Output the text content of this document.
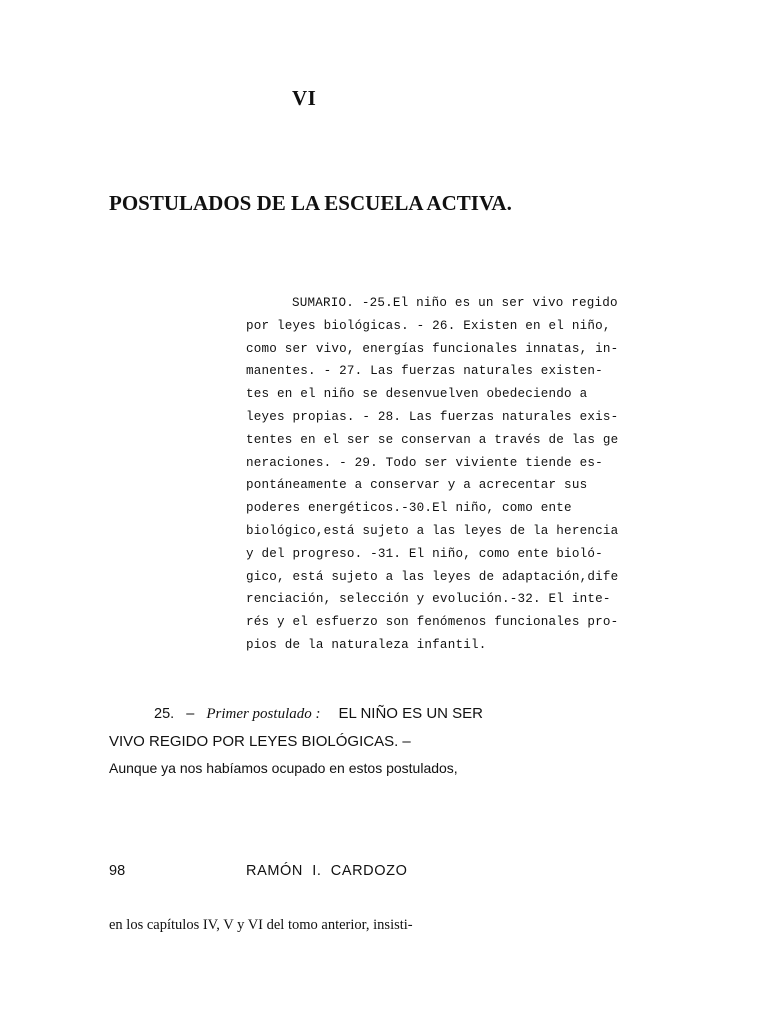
VI
POSTULADOS DE LA ESCUELA ACTIVA.
SUMARIO. -25.El niño es un ser vivo regido
por leyes biológicas. - 26. Existen en el niño,
como ser vivo, energías funcionales innatas, in-
manentes. - 27. Las fuerzas naturales existen-
tes en el niño se desenvuelven obedeciendo a
leyes propias. - 28. Las fuerzas naturales exis-
tentes en el ser se conservan a través de las ge
neraciones. - 29. Todo ser viviente tiende es-
pontáneamente a conservar y a acrecentar sus
poderes energéticos.-30.El niño, como ente
biológico,está sujeto a las leyes de la herencia
y del progreso. -31. El niño, como ente bioló-
gico, está sujeto a las leyes de adaptación,dife
renciación, selección y evolución.-32. El inte-
rés y el esfuerzo son fenómenos funcionales pro-
pios de la naturaleza infantil.
25. – Primer postulado : EL NIÑO ES UN SER
VIVO REGIDO POR LEYES BIOLÓGICAS. –
Aunque ya nos habíamos ocupado en estos postulados,
98	RAMÓN  I.  CARDOZO
en los capítulos IV, V y VI del tomo anterior, insisti-
